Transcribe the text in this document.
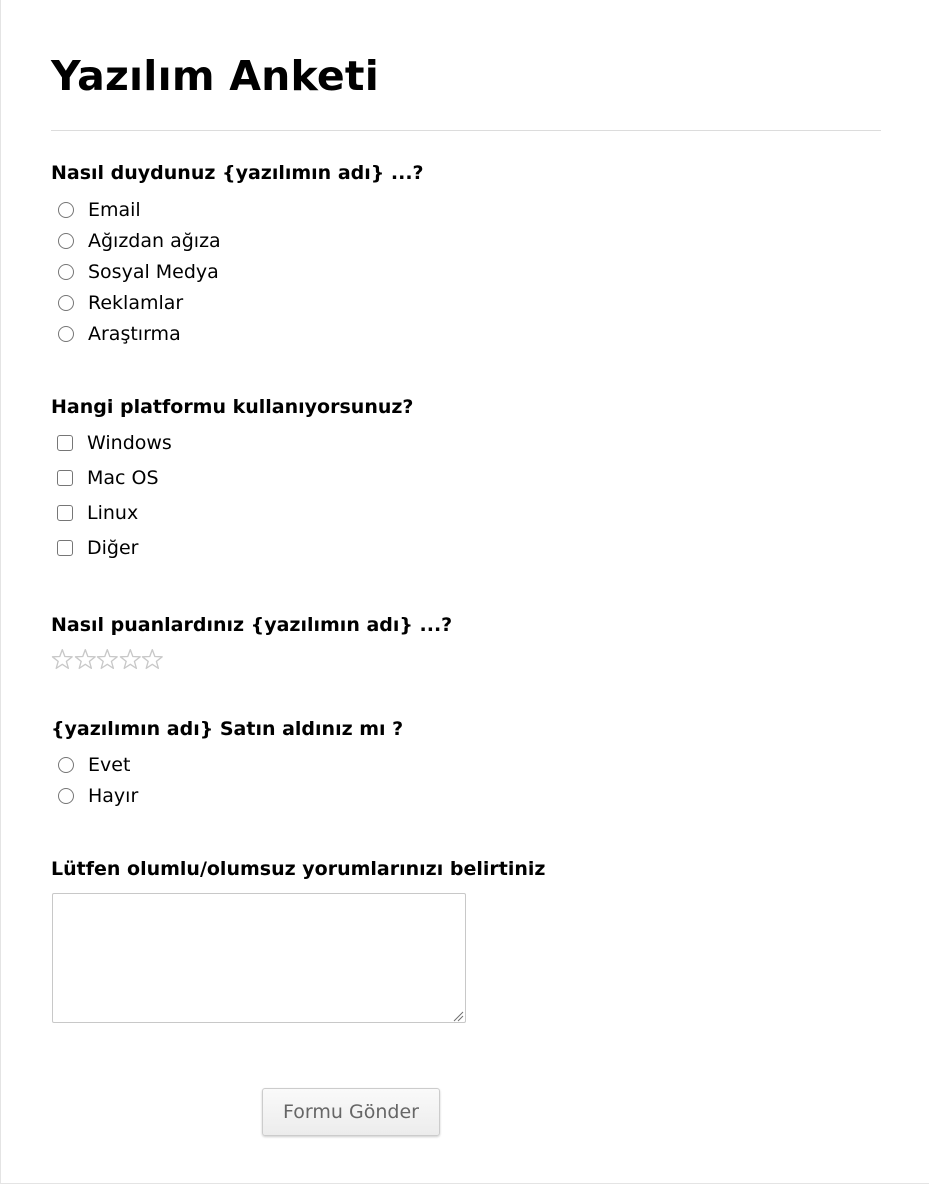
Yazılım Anketi
Nasıl duydunuz {yazılımın adı} ...?
Email
Ağızdan ağıza
Sosyal Medya
Reklamlar
Araştırma
Hangi platformu kullanıyorsunuz?
Windows
Mac OS
Linux
Diğer
Nasıl puanlardınız {yazılımın adı} ...?
{yazılımın adı} Satın aldınız mı ?
Evet
Hayır
Lütfen olumlu/olumsuz yorumlarınızı belirtiniz
Formu Gönder
